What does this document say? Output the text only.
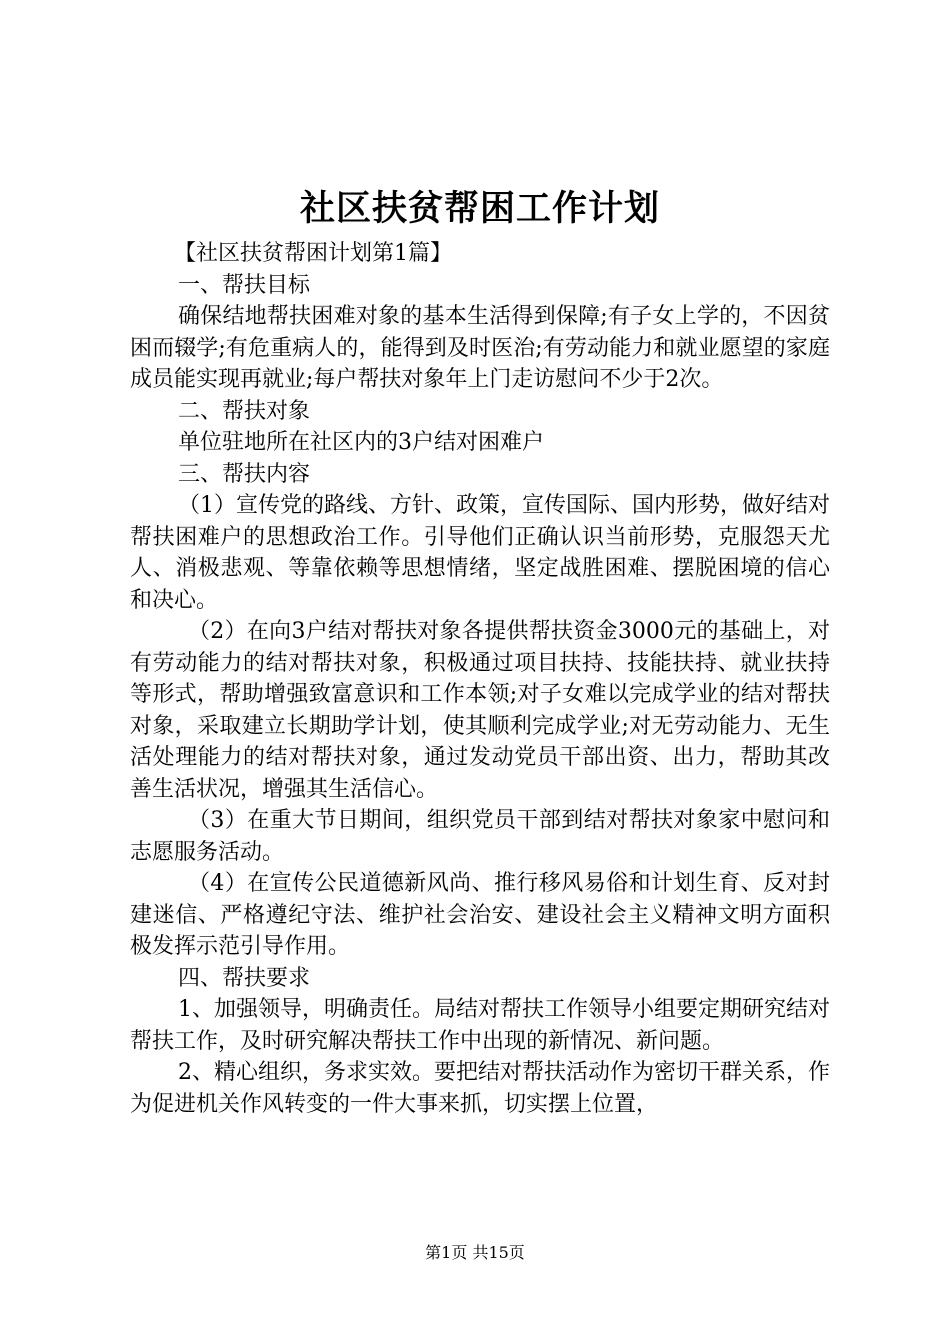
社区扶贫帮困工作计划

【社区扶贫帮困计划第1篇】

一、帮扶目标

确保结地帮扶困难对象的基本生活得到保障;有子女上学的，不因贫困而辍学;有危重病人的，能得到及时医治;有劳动能力和就业愿望的家庭成员能实现再就业;每户帮扶对象年上门走访慰问不少于2次。

二、帮扶对象

单位驻地所在社区内的3户结对困难户

三、帮扶内容

（1）宣传党的路线、方针、政策，宣传国际、国内形势，做好结对帮扶困难户的思想政治工作。引导他们正确认识当前形势，克服怨天尤人、消极悲观、等靠依赖等思想情绪，坚定战胜困难、摆脱困境的信心和决心。

（2）在向3户结对帮扶对象各提供帮扶资金3000元的基础上，对有劳动能力的结对帮扶对象，积极通过项目扶持、技能扶持、就业扶持等形式，帮助增强致富意识和工作本领;对子女难以完成学业的结对帮扶对象，采取建立长期助学计划，使其顺利完成学业;对无劳动能力、无生活处理能力的结对帮扶对象，通过发动党员干部出资、出力，帮助其改善生活状况，增强其生活信心。

（3）在重大节日期间，组织党员干部到结对帮扶对象家中慰问和志愿服务活动。

（4）在宣传公民道德新风尚、推行移风易俗和计划生育、反对封建迷信、严格遵纪守法、维护社会治安、建设社会主义精神文明方面积极发挥示范引导作用。

四、帮扶要求

1、加强领导，明确责任。局结对帮扶工作领导小组要定期研究结对帮扶工作，及时研究解决帮扶工作中出现的新情况、新问题。

2、精心组织，务求实效。要把结对帮扶活动作为密切干群关系，作为促进机关作风转变的一件大事来抓，切实摆上位置，

第1页 共15页
